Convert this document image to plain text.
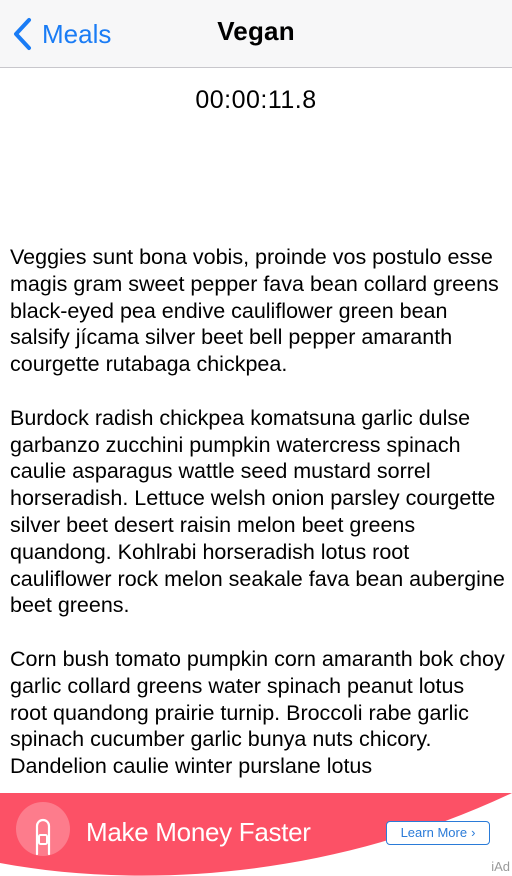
Meals	Vegan
00:00:11.8

Veggies sunt bona vobis, proinde vos postulo esse magis gram sweet pepper fava bean collard greens black-eyed pea endive cauliflower green bean salsify jícama silver beet bell pepper amaranth courgette rutabaga chickpea.

Burdock radish chickpea komatsuna garlic dulse garbanzo zucchini pumpkin watercress spinach caulie asparagus wattle seed mustard sorrel horseradish. Lettuce welsh onion parsley courgette silver beet desert raisin melon beet greens quandong. Kohlrabi horseradish lotus root cauliflower rock melon seakale fava bean aubergine beet greens.

Corn bush tomato pumpkin corn amaranth bok choy garlic collard greens water spinach peanut lotus root quandong prairie turnip. Broccoli rabe garlic spinach cucumber garlic bunya nuts chicory. Dandelion caulie winter purslane lotus

Make Money Faster	Learn More ›
iAd
